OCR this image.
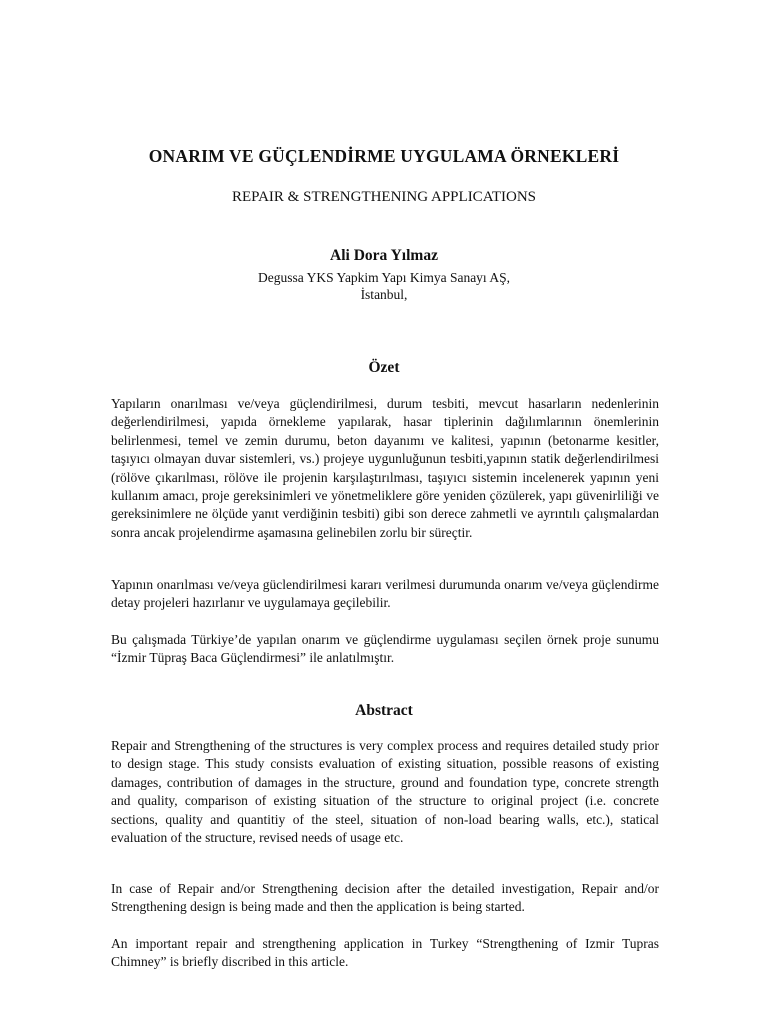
ONARIM VE GÜÇLENDİRME UYGULAMA ÖRNEKLERİ
REPAIR & STRENGTHENING APPLICATIONS
Ali Dora Yılmaz
Degussa YKS Yapkim Yapı Kimya Sanayı AŞ,
İstanbul,
Özet

Yapıların onarılması ve/veya güçlendirilmesi, durum tesbiti, mevcut hasarların nedenlerinin değerlendirilmesi, yapıda örnekleme yapılarak, hasar tiplerinin dağılımlarının önemlerinin belirlenmesi, temel ve zemin durumu, beton dayanımı ve kalitesi, yapının (betonarme kesitler, taşıyıcı olmayan duvar sistemleri, vs.) projeye uygunluğunun tesbiti,yapının statik değerlendirilmesi (rölöve çıkarılması, rölöve ile projenin karşılaştırılması, taşıyıcı sistemin incelenerek yapının yeni kullanım amacı, proje gereksinimleri ve yönetmeliklere göre yeniden çözülerek, yapı güvenirliliği ve gereksinimlere ne ölçüde yanıt verdiğinin tesbiti) gibi son derece zahmetli ve ayrıntılı çalışmalardan sonra ancak projelendirme aşamasına gelinebilen zorlu bir süreçtir.

Yapının onarılması ve/veya güclendirilmesi kararı verilmesi durumunda onarım ve/veya güçlendirme detay projeleri hazırlanır ve uygulamaya geçilebilir.

Bu çalışmada Türkiye’de yapılan onarım ve güçlendirme uygulaması seçilen örnek proje sunumu “İzmir Tüpraş Baca Güçlendirmesi” ile anlatılmıştır.

Abstract

Repair and Strengthening of the structures is very complex process and requires detailed study prior to design stage. This study consists evaluation of existing situation, possible reasons of existing damages, contribution of damages in the structure, ground and foundation type, concrete strength and quality, comparison of existing situation of the structure to original project (i.e. concrete sections, quality and quantitiy of the steel, situation of non-load bearing walls, etc.), statical evaluation of the structure, revised needs of usage etc.

In case of Repair and/or Strengthening decision after the detailed investigation, Repair and/or Strengthening design is being made and then the application is being started.

An important repair and strengthening application in Turkey “Strengthening of Izmir Tupras Chimney” is briefly discribed in this article.
